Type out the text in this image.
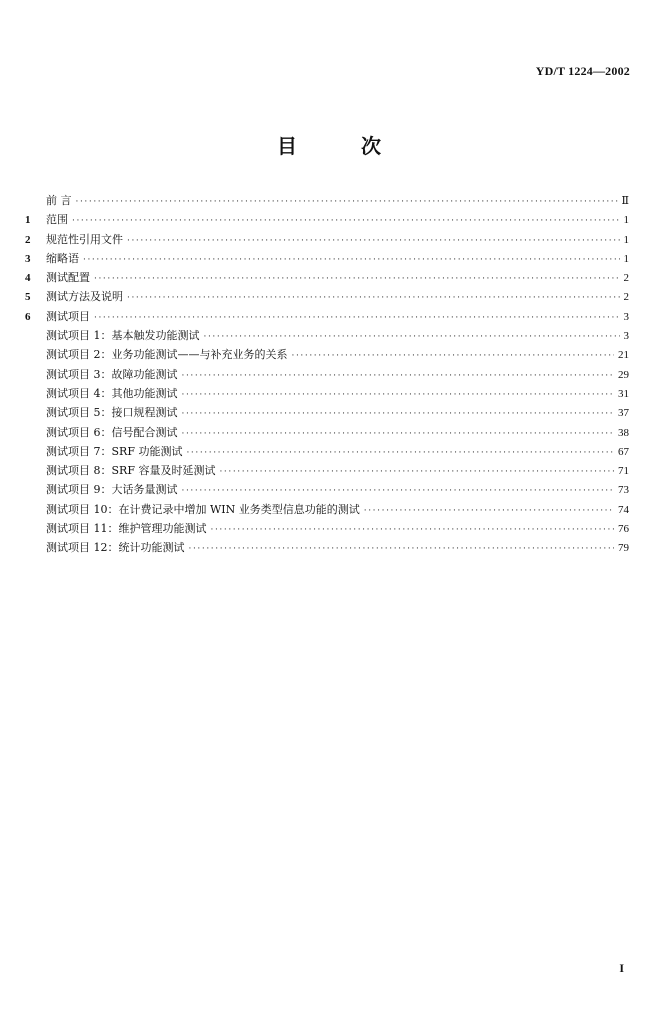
YD/T 1224—2002
目	次
前 言 ·····	Ⅱ
1	范围 ·····	1
2	规范性引用文件 ·····	1
3	缩略语 ·····	1
4	测试配置 ·····	2
5	测试方法及说明 ·····	2
6	测试项目 ·····	3
测试项目 1：基本触发功能测试 ·····	3
测试项目 2：业务功能测试——与补充业务的关系 ·····	21
测试项目 3：故障功能测试 ·····	29
测试项目 4：其他功能测试 ·····	31
测试项目 5：接口规程测试 ·····	37
测试项目 6：信号配合测试 ·····	38
测试项目 7：SRF 功能测试 ·····	67
测试项目 8：SRF 容量及时延测试 ·····	71
测试项目 9：大话务量测试 ·····	73
测试项目 10：在计费记录中增加 WIN 业务类型信息功能的测试 ·····	74
测试项目 11：维护管理功能测试 ·····	76
测试项目 12：统计功能测试 ·····	79
I
